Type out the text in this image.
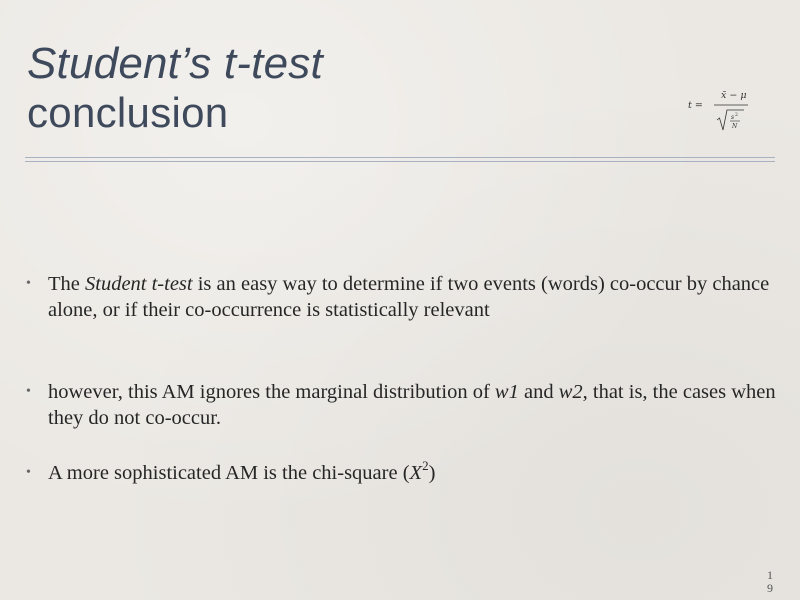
Student’s t-test
conclusion	t =
x̄ − μ
s 2
N
• The Student t-test is an easy way to determine if two events (words) co-occur by chance alone, or if their co-occurrence is statistically relevant
• however, this AM ignores the marginal distribution of w1 and w2, that is, the cases when they do not co-occur.
• A more sophisticated AM is the chi-square $(X^2)$
19
